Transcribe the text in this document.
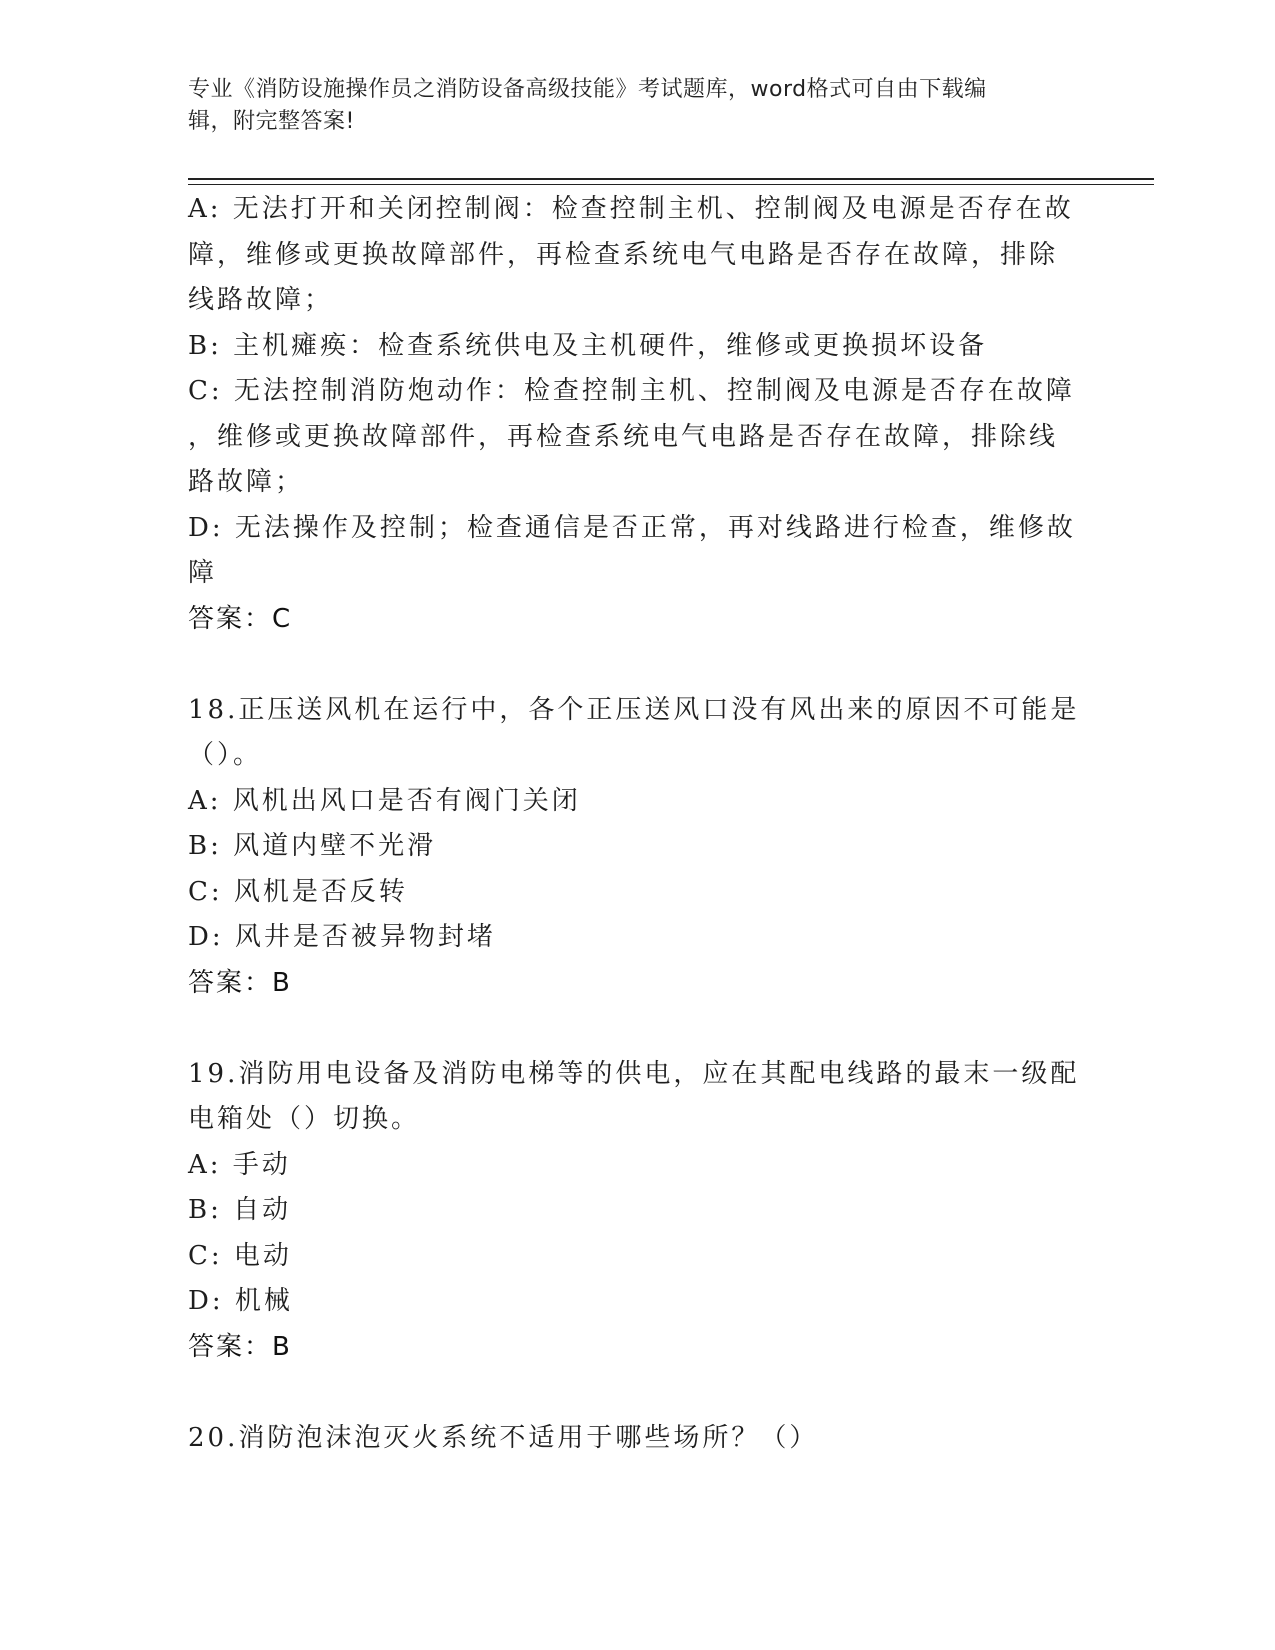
专业《消防设施操作员之消防设备高级技能》考试题库，word格式可自由下载编
辑，附完整答案!

A: 无法打开和关闭控制阀：检查控制主机、控制阀及电源是否存在故

障，维修或更换故障部件，再检查系统电气电路是否存在故障，排除

线路故障；

B: 主机瘫痪：检查系统供电及主机硬件，维修或更换损坏设备

C: 无法控制消防炮动作：检查控制主机、控制阀及电源是否存在故障

，维修或更换故障部件，再检查系统电气电路是否存在故障，排除线

路故障；

D: 无法操作及控制；检查通信是否正常，再对线路进行检查，维修故

障

答案：C

18.正压送风机在运行中，各个正压送风口没有风出来的原因不可能是

（）。

A: 风机出风口是否有阀门关闭

B: 风道内壁不光滑

C: 风机是否反转

D: 风井是否被异物封堵

答案：B

19.消防用电设备及消防电梯等的供电，应在其配电线路的最末一级配

电箱处（）切换。

A: 手动

B: 自动

C: 电动

D: 机械

答案：B

20.消防泡沫泡灭火系统不适用于哪些场所？（）
